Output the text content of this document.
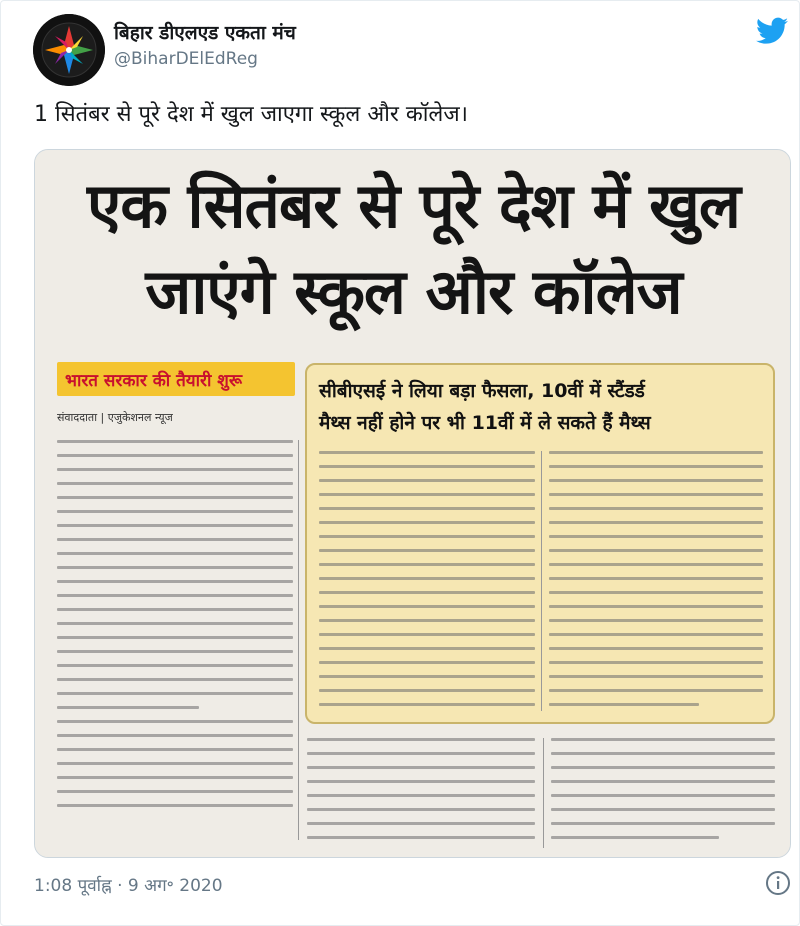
बिहार डीएलएड एकता मंच
@BiharDElEdReg
1 सितंबर से पूरे देश में खुल जाएगा स्कूल और कॉलेज।
एक सितंबर से पूरे देश में खुल
जाएंगे स्कूल और कॉलेज
भारत सरकार की तैयारी शुरू
संवाददाता | एजुकेशनल न्यूज
सीबीएसई ने लिया बड़ा फैसला, 10वीं में स्टैंडर्ड
मैथ्स नहीं होने पर भी 11वीं में ले सकते हैं मैथ्स
1:08 पूर्वाह्न · 9 अग॰ 2020
